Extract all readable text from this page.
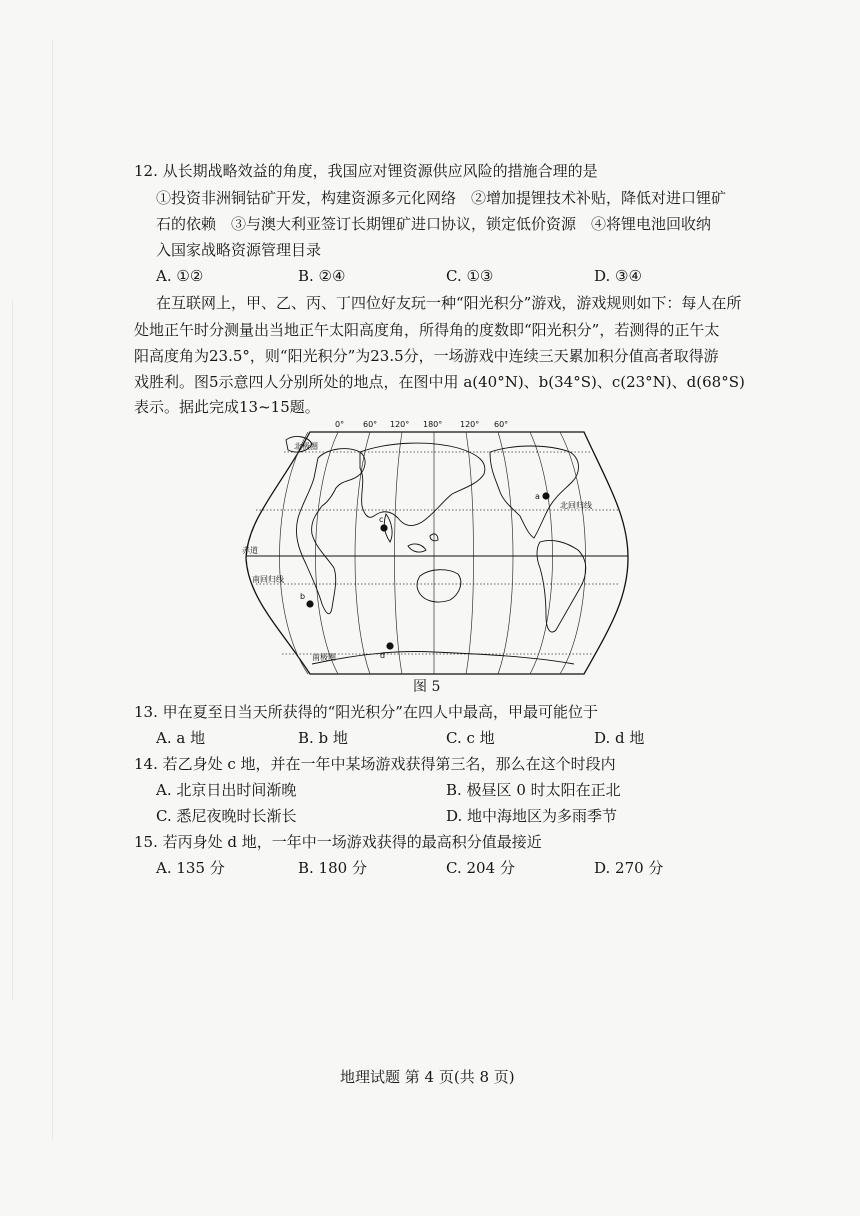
12. 从长期战略效益的角度，我国应对锂资源供应风险的措施合理的是
①投资非洲铜钴矿开发，构建资源多元化网络　②增加提锂技术补贴，降低对进口锂矿
石的依赖　③与澳大利亚签订长期锂矿进口协议，锁定低价资源　④将锂电池回收纳
入国家战略资源管理目录
A. ①②	B. ②④	C. ①③	D. ③④
在互联网上，甲、乙、丙、丁四位好友玩一种“阳光积分”游戏，游戏规则如下：每人在所
处地正午时分测量出当地正午太阳高度角，所得角的度数即“阳光积分”，若测得的正午太
阳高度角为23.5°，则“阳光积分”为23.5分，一场游戏中连续三天累加积分值高者取得游
戏胜利。图5示意四人分别所处的地点，在图中用 a(40°N)、b(34°S)、c(23°N)、d(68°S)
表示。据此完成13~15题。
0° 60° 120° 180° 120° 60°
北极圈
北回归线
赤道
南回归线
南极圈
a
b
c
d
图 5
13. 甲在夏至日当天所获得的“阳光积分”在四人中最高，甲最可能位于
A. a 地	B. b 地	C. c 地	D. d 地
14. 若乙身处 c 地，并在一年中某场游戏获得第三名，那么在这个时段内
A. 北京日出时间渐晚	B. 极昼区 0 时太阳在正北
C. 悉尼夜晚时长渐长	D. 地中海地区为多雨季节
15. 若丙身处 d 地，一年中一场游戏获得的最高积分值最接近
A. 135 分	B. 180 分	C. 204 分	D. 270 分
地理试题 第 4 页(共 8 页)
